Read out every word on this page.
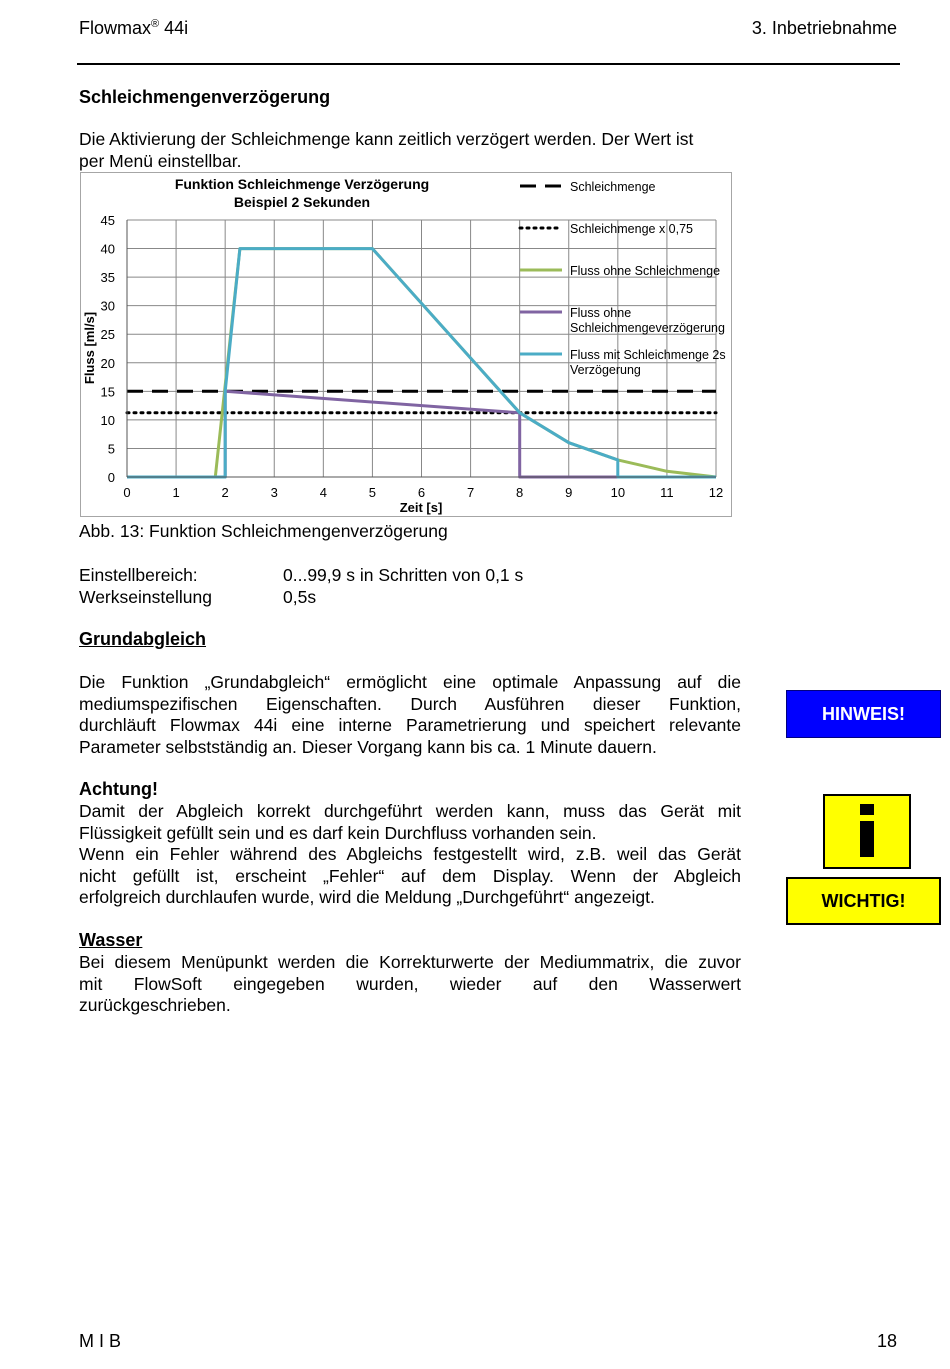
Flowmax® 44i	3. Inbetriebnahme
Schleichmengenverzögerung
Die Aktivierung der Schleichmenge kann zeitlich verzögert werden. Der Wert ist
per Menü einstellbar.
0	1	2	3	4	5	6	7	8	9	10	11	12
0
5
10
15
20
25
30
35
40
45
Funktion Schleichmenge Verzögerung
Beispiel 2 Sekunden
Zeit [s]
Fluss [ml/s]
Schleichmenge
Schleichmenge x 0,75
Fluss ohne Schleichmenge
Fluss ohne
Schleichmengeverzögerung
Fluss mit Schleichmenge 2s
Verzögerung
Abb. 13: Funktion Schleichmengenverzögerung
Einstellbereich:	0...99,9 s in Schritten von 0,1 s
Werkseinstellung	0,5s
Grundabgleich
Die Funktion „Grundabgleich“ ermöglicht eine optimale Anpassung auf die
mediumspezifischen Eigenschaften. Durch Ausführen dieser Funktion,
durchläuft Flowmax 44i eine interne Parametrierung und speichert relevante
Parameter selbstständig an. Dieser Vorgang kann bis ca. 1 Minute dauern.
Achtung!
Damit der Abgleich korrekt durchgeführt werden kann, muss das Gerät mit
Flüssigkeit gefüllt sein und es darf kein Durchfluss vorhanden sein.
Wenn ein Fehler während des Abgleichs festgestellt wird, z.B. weil das Gerät
nicht gefüllt ist, erscheint „Fehler“ auf dem Display. Wenn der Abgleich
erfolgreich durchlaufen wurde, wird die Meldung „Durchgeführt“ angezeigt.
Wasser
Bei diesem Menüpunkt werden die Korrekturwerte der Mediummatrix, die zuvor
mit FlowSoft eingegeben wurden, wieder auf den Wasserwert
zurückgeschrieben.
HINWEIS!
WICHTIG!
M I B	18
